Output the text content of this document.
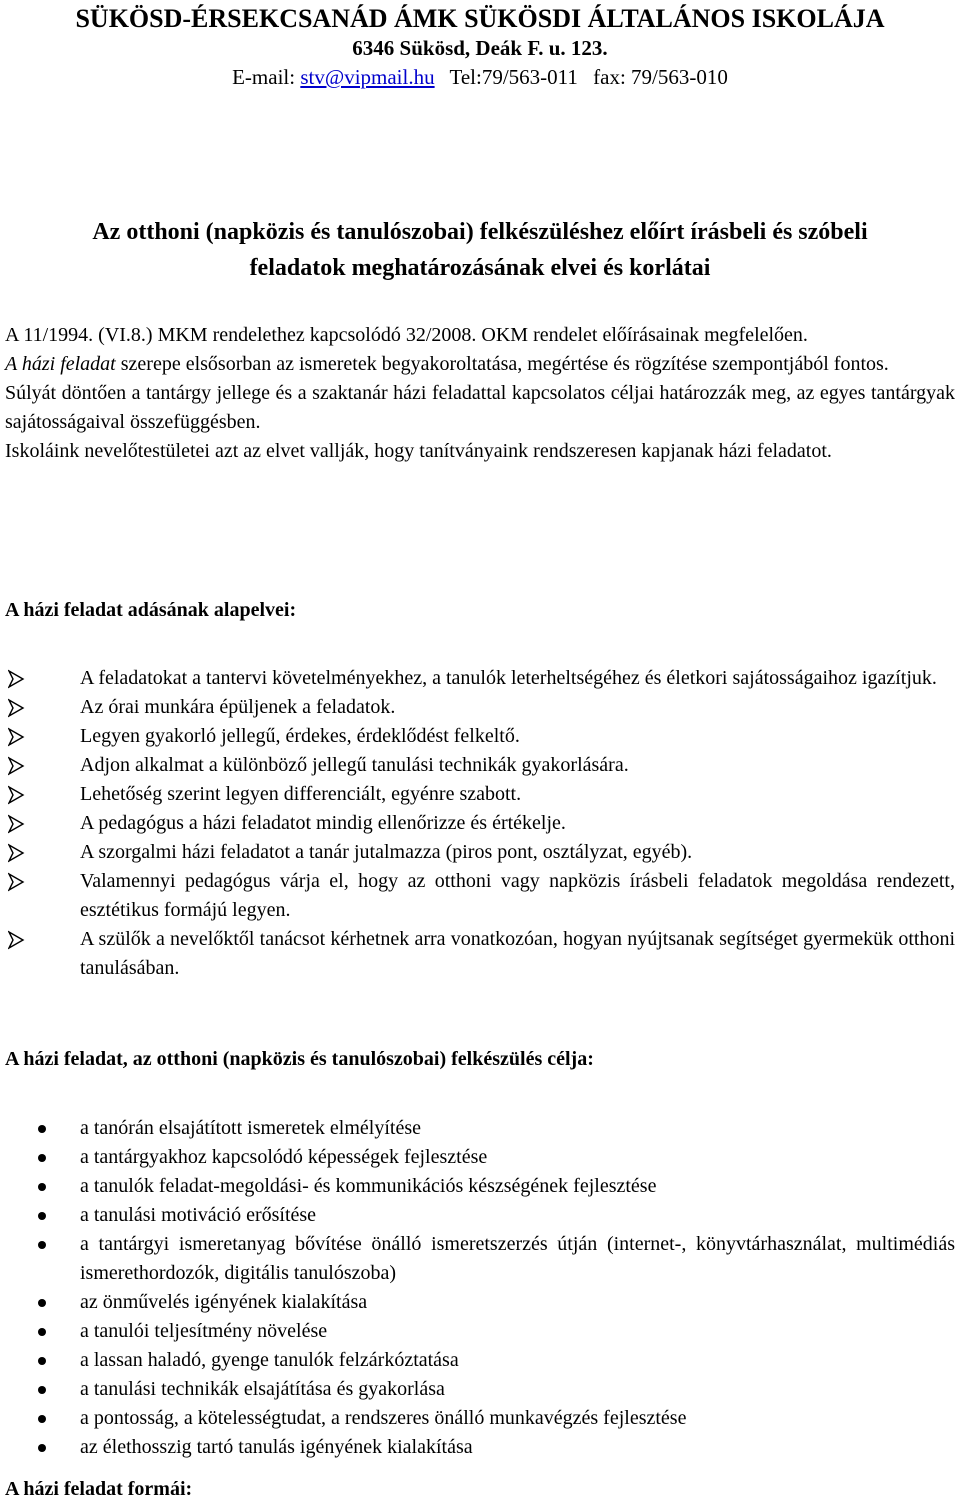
SÜKÖSD-ÉRSEKCSANÁD ÁMK SÜKÖSDI ÁLTALÁNOS ISKOLÁJA
6346 Sükösd, Deák F. u. 123.
E-mail: stv@vipmail.hu Tel:79/563-011 fax: 79/563-010
Az otthoni (napközis és tanulószobai) felkészüléshez előírt írásbeli és szóbeli
feladatok meghatározásának elvei és korlátai

A 11/1994. (VI.8.) MKM rendelethez kapcsolódó 32/2008. OKM rendelet előírásainak megfelelően.

A házi feladat szerepe elsősorban az ismeretek begyakoroltatása, megértése és rögzítése szempontjából fontos.

Súlyát döntően a tantárgy jellege és a szaktanár házi feladattal kapcsolatos céljai határozzák meg, az egyes tantárgyak sajátosságaival összefüggésben.

Iskoláink nevelőtestületei azt az elvet vallják, hogy tanítványaink rendszeresen kapjanak házi feladatot.

A házi feladat adásának alapelvei:
A feladatokat a tantervi követelményekhez, a tanulók leterheltségéhez és életkori sajátosságaihoz igazítjuk.
Az órai munkára épüljenek a feladatok.
Legyen gyakorló jellegű, érdekes, érdeklődést felkeltő.
Adjon alkalmat a különböző jellegű tanulási technikák gyakorlására.
Lehetőség szerint legyen differenciált, egyénre szabott.
A pedagógus a házi feladatot mindig ellenőrizze és értékelje.
A szorgalmi házi feladatot a tanár jutalmazza (piros pont, osztályzat, egyéb).
Valamennyi pedagógus várja el, hogy az otthoni vagy napközis írásbeli feladatok megoldása rendezett, esztétikus formájú legyen.
A szülők a nevelőktől tanácsot kérhetnek arra vonatkozóan, hogyan nyújtsanak segítséget gyermekük otthoni tanulásában.
A házi feladat, az otthoni (napközis és tanulószobai) felkészülés célja:
a tanórán elsajátított ismeretek elmélyítése
a tantárgyakhoz kapcsolódó képességek fejlesztése
a tanulók feladat-megoldási- és kommunikációs készségének fejlesztése
a tanulási motiváció erősítése
a tantárgyi ismeretanyag bővítése önálló ismeretszerzés útján (internet-, könyvtárhasználat, multimédiás ismerethordozók, digitális tanulószoba)
az önművelés igényének kialakítása
a tanulói teljesítmény növelése
a lassan haladó, gyenge tanulók felzárkóztatása
a tanulási technikák elsajátítása és gyakorlása
a pontosság, a kötelességtudat, a rendszeres önálló munkavégzés fejlesztése
az élethosszig tartó tanulás igényének kialakítása
A házi feladat formái:
